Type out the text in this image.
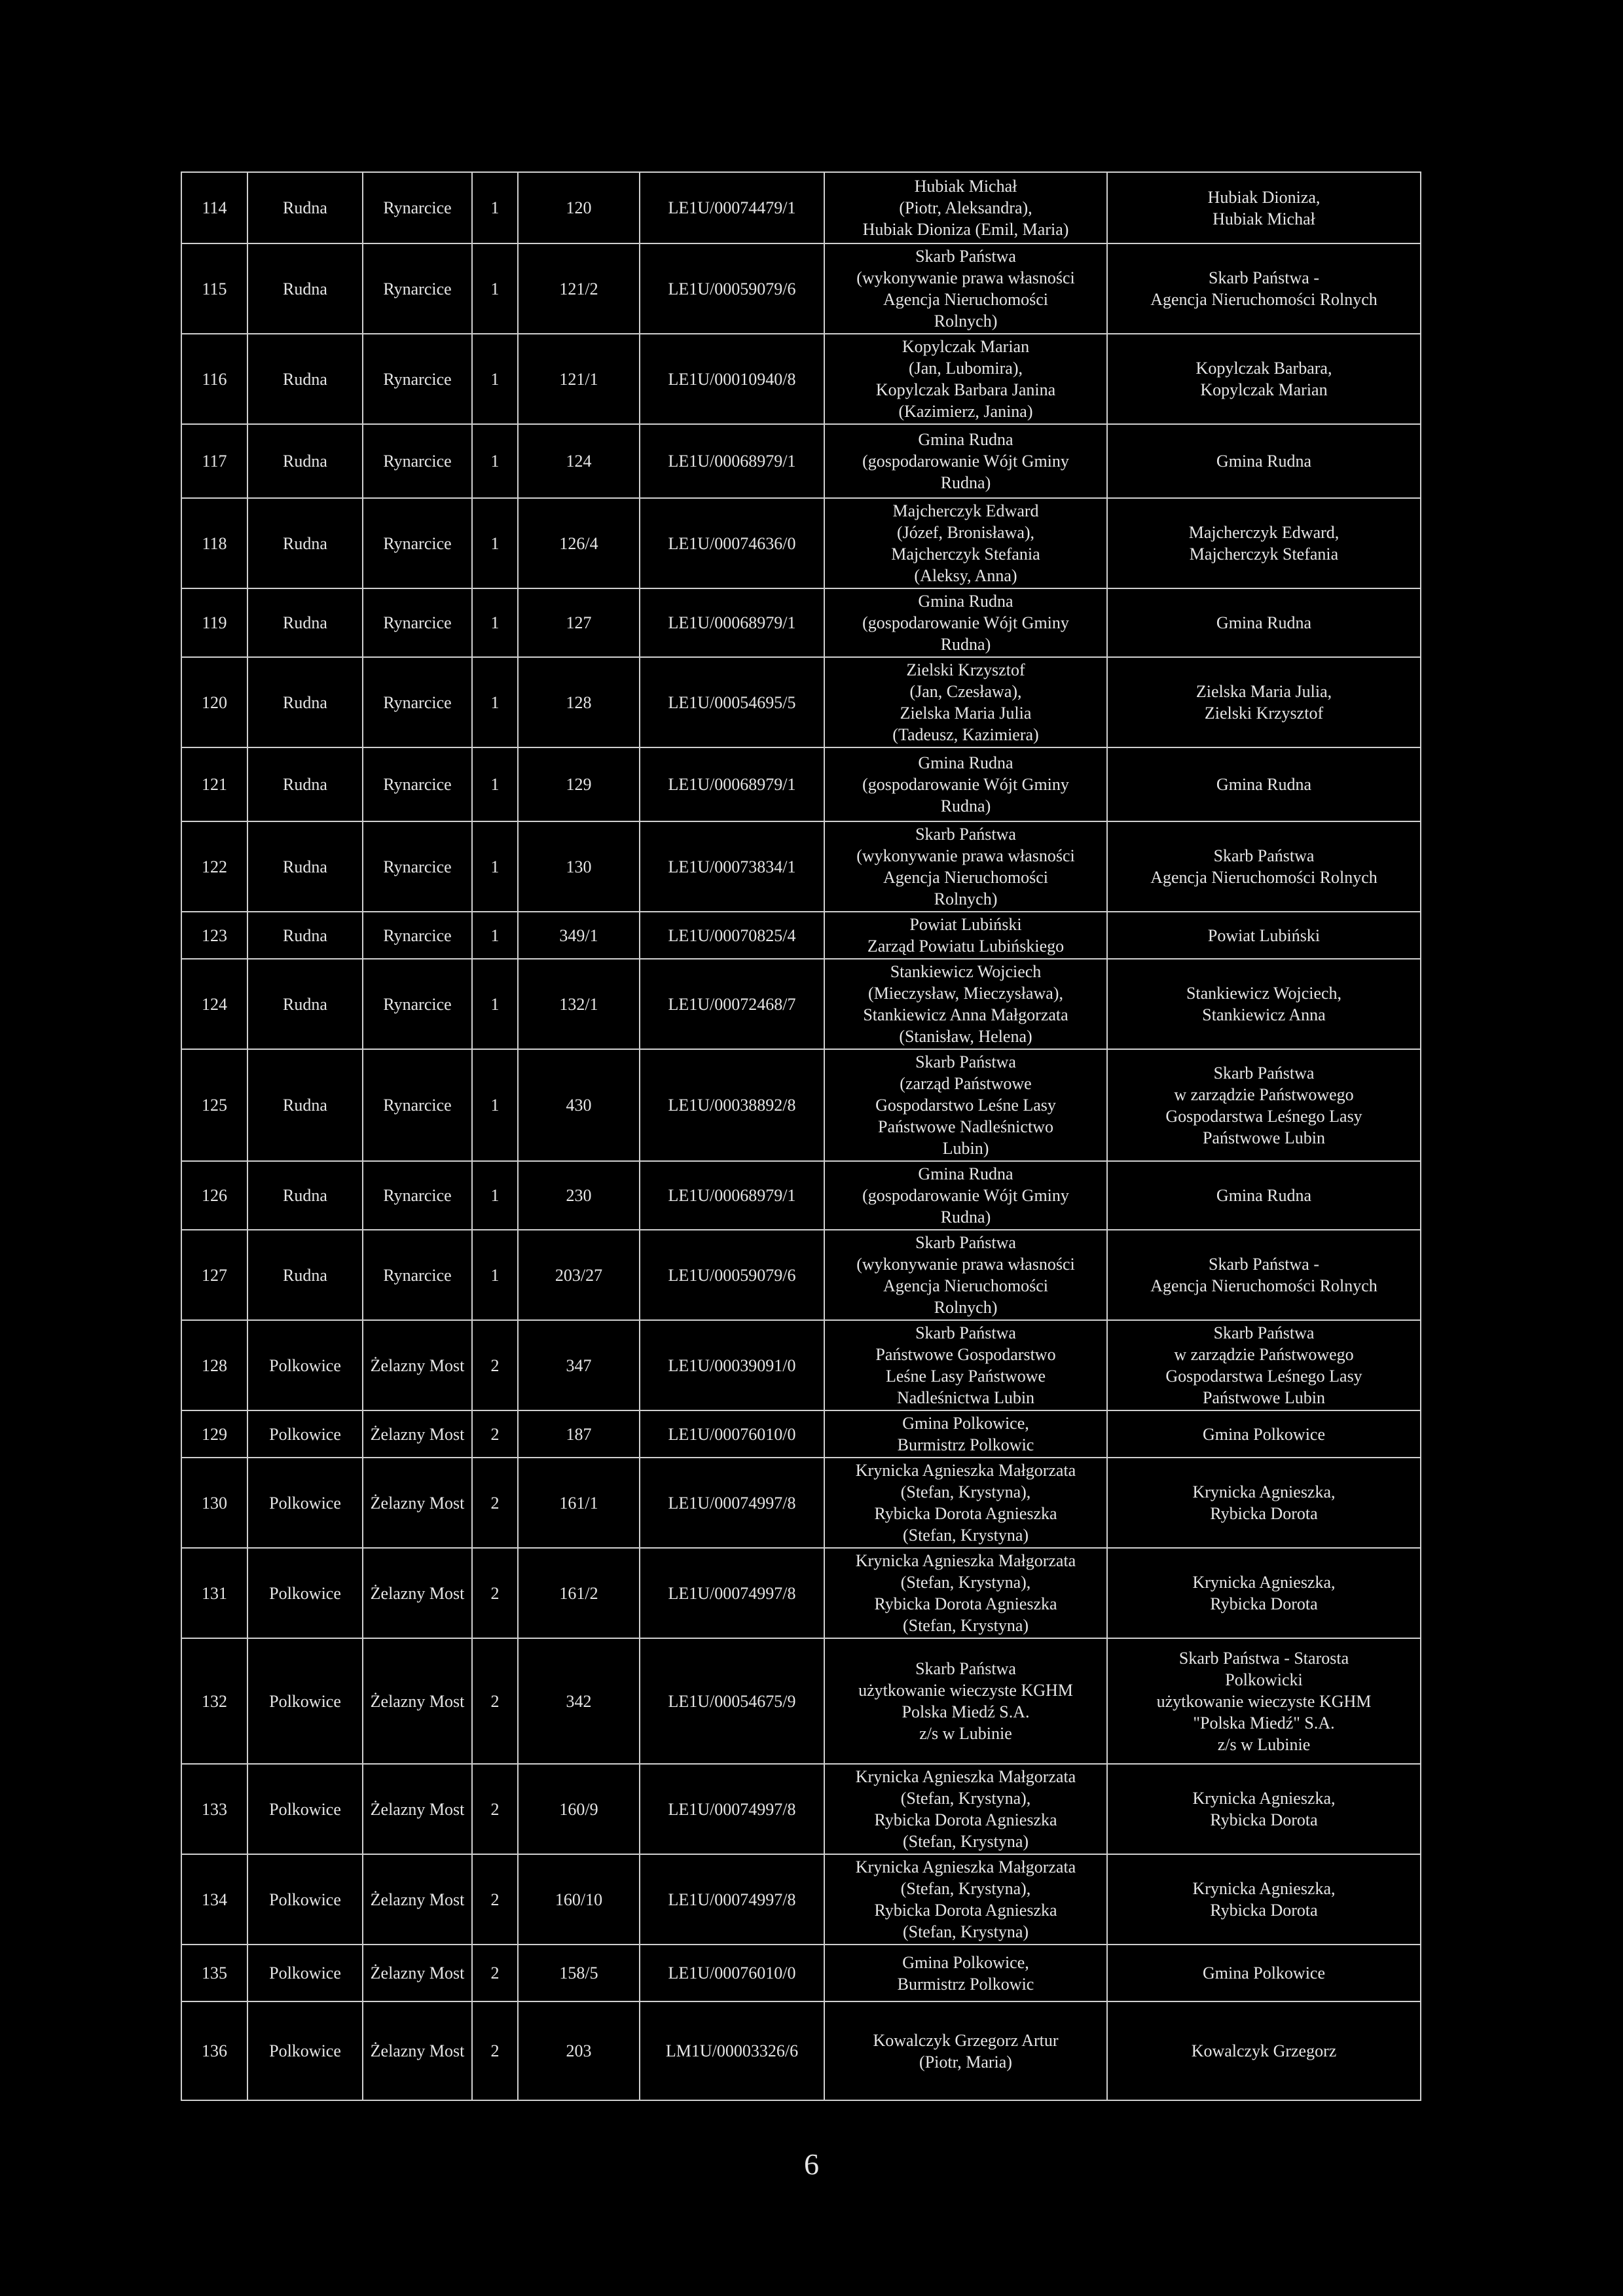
114	Rudna	Rynarcice	1	120	LE1U/00074479/1	Hubiak Michał
(Piotr, Aleksandra),
Hubiak Dioniza (Emil, Maria)	Hubiak Dioniza,
Hubiak Michał
115	Rudna	Rynarcice	1	121/2	LE1U/00059079/6	Skarb Państwa
(wykonywanie prawa własności
Agencja Nieruchomości
Rolnych)	Skarb Państwa -
Agencja Nieruchomości Rolnych
116	Rudna	Rynarcice	1	121/1	LE1U/00010940/8	Kopylczak Marian
(Jan, Lubomira),
Kopylczak Barbara Janina
(Kazimierz, Janina)	Kopylczak Barbara,
Kopylczak Marian
117	Rudna	Rynarcice	1	124	LE1U/00068979/1	Gmina Rudna
(gospodarowanie Wójt Gminy
Rudna)	Gmina Rudna
118	Rudna	Rynarcice	1	126/4	LE1U/00074636/0	Majcherczyk Edward
(Józef, Bronisława),
Majcherczyk Stefania
(Aleksy, Anna)	Majcherczyk Edward,
Majcherczyk Stefania
119	Rudna	Rynarcice	1	127	LE1U/00068979/1	Gmina Rudna
(gospodarowanie Wójt Gminy
Rudna)	Gmina Rudna
120	Rudna	Rynarcice	1	128	LE1U/00054695/5	Zielski Krzysztof
(Jan, Czesława),
Zielska Maria Julia
(Tadeusz, Kazimiera)	Zielska Maria Julia,
Zielski Krzysztof
121	Rudna	Rynarcice	1	129	LE1U/00068979/1	Gmina Rudna
(gospodarowanie Wójt Gminy
Rudna)	Gmina Rudna
122	Rudna	Rynarcice	1	130	LE1U/00073834/1	Skarb Państwa
(wykonywanie prawa własności
Agencja Nieruchomości
Rolnych)	Skarb Państwa
Agencja Nieruchomości Rolnych
123	Rudna	Rynarcice	1	349/1	LE1U/00070825/4	Powiat Lubiński
Zarząd Powiatu Lubińskiego	Powiat Lubiński
124	Rudna	Rynarcice	1	132/1	LE1U/00072468/7	Stankiewicz Wojciech
(Mieczysław, Mieczysława),
Stankiewicz Anna Małgorzata
(Stanisław, Helena)	Stankiewicz Wojciech,
Stankiewicz Anna
125	Rudna	Rynarcice	1	430	LE1U/00038892/8	Skarb Państwa
(zarząd Państwowe
Gospodarstwo Leśne Lasy
Państwowe Nadleśnictwo
Lubin)	Skarb Państwa
w zarządzie Państwowego
Gospodarstwa Leśnego Lasy
Państwowe Lubin
126	Rudna	Rynarcice	1	230	LE1U/00068979/1	Gmina Rudna
(gospodarowanie Wójt Gminy
Rudna)	Gmina Rudna
127	Rudna	Rynarcice	1	203/27	LE1U/00059079/6	Skarb Państwa
(wykonywanie prawa własności
Agencja Nieruchomości
Rolnych)	Skarb Państwa -
Agencja Nieruchomości Rolnych
128	Polkowice	Żelazny Most	2	347	LE1U/00039091/0	Skarb Państwa
Państwowe Gospodarstwo
Leśne Lasy Państwowe
Nadleśnictwa Lubin	Skarb Państwa
w zarządzie Państwowego
Gospodarstwa Leśnego Lasy
Państwowe Lubin
129	Polkowice	Żelazny Most	2	187	LE1U/00076010/0	Gmina Polkowice,
Burmistrz Polkowic	Gmina Polkowice
130	Polkowice	Żelazny Most	2	161/1	LE1U/00074997/8	Krynicka Agnieszka Małgorzata
(Stefan, Krystyna),
Rybicka Dorota Agnieszka
(Stefan, Krystyna)	Krynicka Agnieszka,
Rybicka Dorota
131	Polkowice	Żelazny Most	2	161/2	LE1U/00074997/8	Krynicka Agnieszka Małgorzata
(Stefan, Krystyna),
Rybicka Dorota Agnieszka
(Stefan, Krystyna)	Krynicka Agnieszka,
Rybicka Dorota
132	Polkowice	Żelazny Most	2	342	LE1U/00054675/9	Skarb Państwa
użytkowanie wieczyste KGHM
Polska Miedź S.A.
z/s w Lubinie	Skarb Państwa - Starosta
Polkowicki
użytkowanie wieczyste KGHM
"Polska Miedź" S.A.
z/s w Lubinie
133	Polkowice	Żelazny Most	2	160/9	LE1U/00074997/8	Krynicka Agnieszka Małgorzata
(Stefan, Krystyna),
Rybicka Dorota Agnieszka
(Stefan, Krystyna)	Krynicka Agnieszka,
Rybicka Dorota
134	Polkowice	Żelazny Most	2	160/10	LE1U/00074997/8	Krynicka Agnieszka Małgorzata
(Stefan, Krystyna),
Rybicka Dorota Agnieszka
(Stefan, Krystyna)	Krynicka Agnieszka,
Rybicka Dorota
135	Polkowice	Żelazny Most	2	158/5	LE1U/00076010/0	Gmina Polkowice,
Burmistrz Polkowic	Gmina Polkowice
136	Polkowice	Żelazny Most	2	203	LM1U/00003326/6	Kowalczyk Grzegorz Artur
(Piotr, Maria)	Kowalczyk Grzegorz
6
